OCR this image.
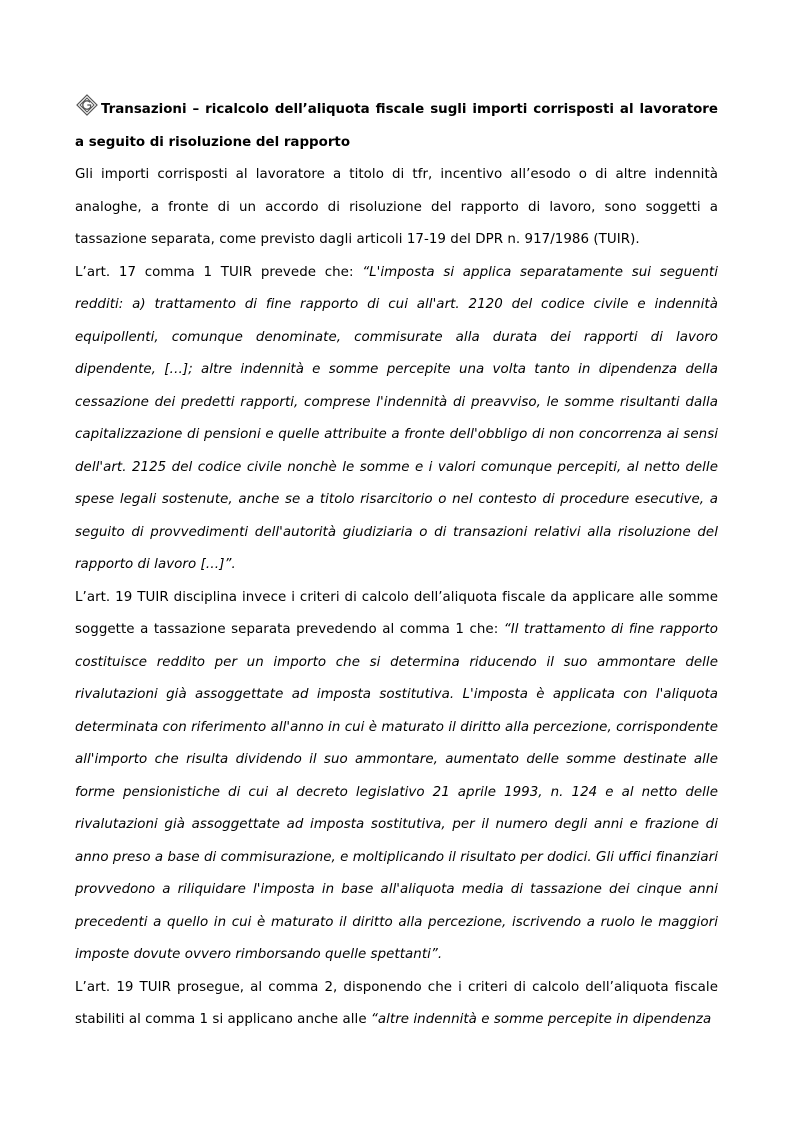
Transazioni – ricalcolo dell’aliquota fiscale sugli importi corrisposti al lavoratore a seguito di risoluzione del rapporto

Gli importi corrisposti al lavoratore a titolo di tfr, incentivo all’esodo o di altre indennità analoghe, a fronte di un accordo di risoluzione del rapporto di lavoro, sono soggetti a tassazione separata, come previsto dagli articoli 17-19 del DPR n. 917/1986 (TUIR).

L’art. 17 comma 1 TUIR prevede che: “L'imposta si applica separatamente sui seguenti redditi: a) trattamento di fine rapporto di cui all'art. 2120 del codice civile e indennità equipollenti, comunque denominate, commisurate alla durata dei rapporti di lavoro dipendente, […]; altre indennità e somme percepite una volta tanto in dipendenza della cessazione dei predetti rapporti, comprese l'indennità di preavviso, le somme risultanti dalla capitalizzazione di pensioni e quelle attribuite a fronte dell'obbligo di non concorrenza ai sensi dell'art. 2125 del codice civile nonchè le somme e i valori comunque percepiti, al netto delle spese legali sostenute, anche se a titolo risarcitorio o nel contesto di procedure esecutive, a seguito di provvedimenti dell'autorità giudiziaria o di transazioni relativi alla risoluzione del rapporto di lavoro […]”.

L’art. 19 TUIR disciplina invece i criteri di calcolo dell’aliquota fiscale da applicare alle somme soggette a tassazione separata prevedendo al comma 1 che: “Il trattamento di fine rapporto costituisce reddito per un importo che si determina riducendo il suo ammontare delle rivalutazioni già assoggettate ad imposta sostitutiva. L'imposta è applicata con l'aliquota determinata con riferimento all'anno in cui è maturato il diritto alla percezione, corrispondente all'importo che risulta dividendo il suo ammontare, aumentato delle somme destinate alle forme pensionistiche di cui al decreto legislativo 21 aprile 1993, n. 124 e al netto delle rivalutazioni già assoggettate ad imposta sostitutiva, per il numero degli anni e frazione di anno preso a base di commisurazione, e moltiplicando il risultato per dodici. Gli uffici finanziari provvedono a riliquidare l'imposta in base all'aliquota media di tassazione dei cinque anni precedenti a quello in cui è maturato il diritto alla percezione, iscrivendo a ruolo le maggiori imposte dovute ovvero rimborsando quelle spettanti”.

L’art. 19 TUIR prosegue, al comma 2, disponendo che i criteri di calcolo dell’aliquota fiscale stabiliti al comma 1 si applicano anche alle “altre indennità e somme percepite in dipendenza
